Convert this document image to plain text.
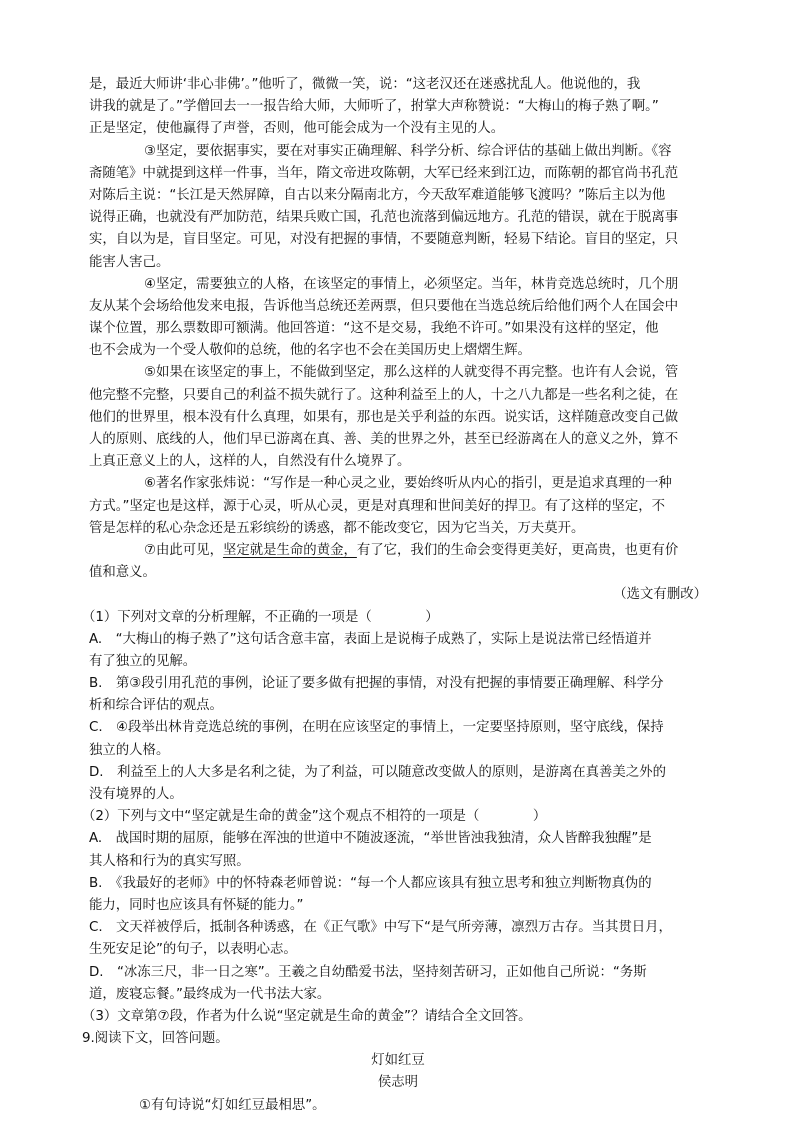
是，最近大师讲‘非心非佛’。”他听了，微微一笑，说：“这老汉还在迷惑扰乱人。他说他的，我
讲我的就是了。”学僧回去一一报告给大师，大师听了，拊掌大声称赞说：“大梅山的梅子熟了啊。”
正是坚定，使他赢得了声誉，否则，他可能会成为一个没有主见的人。
③坚定，要依据事实，要在对事实正确理解、科学分析、综合评估的基础上做出判断。《容
斋随笔》中就提到这样一件事，当年，隋文帝进攻陈朝，大军已经来到江边，而陈朝的都官尚书孔范
对陈后主说：“长江是天然屏障，自古以来分隔南北方，今天敌军难道能够飞渡吗？”陈后主以为他
说得正确，也就没有严加防范，结果兵败亡国，孔范也流落到偏远地方。孔范的错误，就在于脱离事
实，自以为是，盲目坚定。可见，对没有把握的事情，不要随意判断，轻易下结论。盲目的坚定，只
能害人害己。
④坚定，需要独立的人格，在该坚定的事情上，必须坚定。当年，林肯竞选总统时，几个朋
友从某个会场给他发来电报，告诉他当总统还差两票，但只要他在当选总统后给他们两个人在国会中
谋个位置，那么票数即可额满。他回答道：“这不是交易，我绝不许可。”如果没有这样的坚定，他
也不会成为一个受人敬仰的总统，他的名字也不会在美国历史上熠熠生辉。
⑤如果在该坚定的事上，不能做到坚定，那么这样的人就变得不再完整。也许有人会说，管
他完整不完整，只要自己的利益不损失就行了。这种利益至上的人，十之八九都是一些名利之徒，在
他们的世界里，根本没有什么真理，如果有，那也是关乎利益的东西。说实话，这样随意改变自己做
人的原则、底线的人，他们早已游离在真、善、美的世界之外，甚至已经游离在人的意义之外，算不
上真正意义上的人，这样的人，自然没有什么境界了。
⑥著名作家张炜说：“写作是一种心灵之业，要始终听从内心的指引，更是追求真理的一种
方式。”坚定也是这样，源于心灵，听从心灵，更是对真理和世间美好的捍卫。有了这样的坚定，不
管是怎样的私心杂念还是五彩缤纷的诱惑，都不能改变它，因为它当关，万夫莫开。
⑦由此可见，坚定就是生命的黄金，有了它，我们的生命会变得更美好，更高贵，也更有价
值和意义。
（选文有删改）
（1）下列对文章的分析理解，不正确的一项是（　　　　）
A.　“大梅山的梅子熟了”这句话含意丰富，表面上是说梅子成熟了，实际上是说法常已经悟道并
有了独立的见解。
B.　第③段引用孔范的事例，论证了要多做有把握的事情，对没有把握的事情要正确理解、科学分
析和综合评估的观点。
C.　④段举出林肯竞选总统的事例，在明在应该坚定的事情上，一定要坚持原则，坚守底线，保持
独立的人格。
D.　利益至上的人大多是名利之徒，为了利益，可以随意改变做人的原则，是游离在真善美之外的
没有境界的人。
（2）下列与文中“坚定就是生命的黄金”这个观点不相符的一项是（　　　　）
A.　战国时期的屈原，能够在浑浊的世道中不随波逐流，“举世皆浊我独清，众人皆醉我独醒”是
其人格和行为的真实写照。
B.　《我最好的老师》中的怀特森老师曾说：“每一个人都应该具有独立思考和独立判断物真伪的
能力，同时也应该具有怀疑的能力。”
C.　文天祥被俘后，抵制各种诱惑，在《正气歌》中写下“是气所旁薄，凛烈万古存。当其贯日月，
生死安足论”的句子，以表明心志。
D.　“冰冻三尺，非一日之寒”。王羲之自幼酷爱书法，坚持刻苦研习，正如他自己所说：“务斯
道，废寝忘餐。”最终成为一代书法大家。
（3）文章第⑦段，作者为什么说“坚定就是生命的黄金”？请结合全文回答。
9.阅读下文，回答问题。
灯如红豆
侯志明
①有句诗说“灯如红豆最相思”。
